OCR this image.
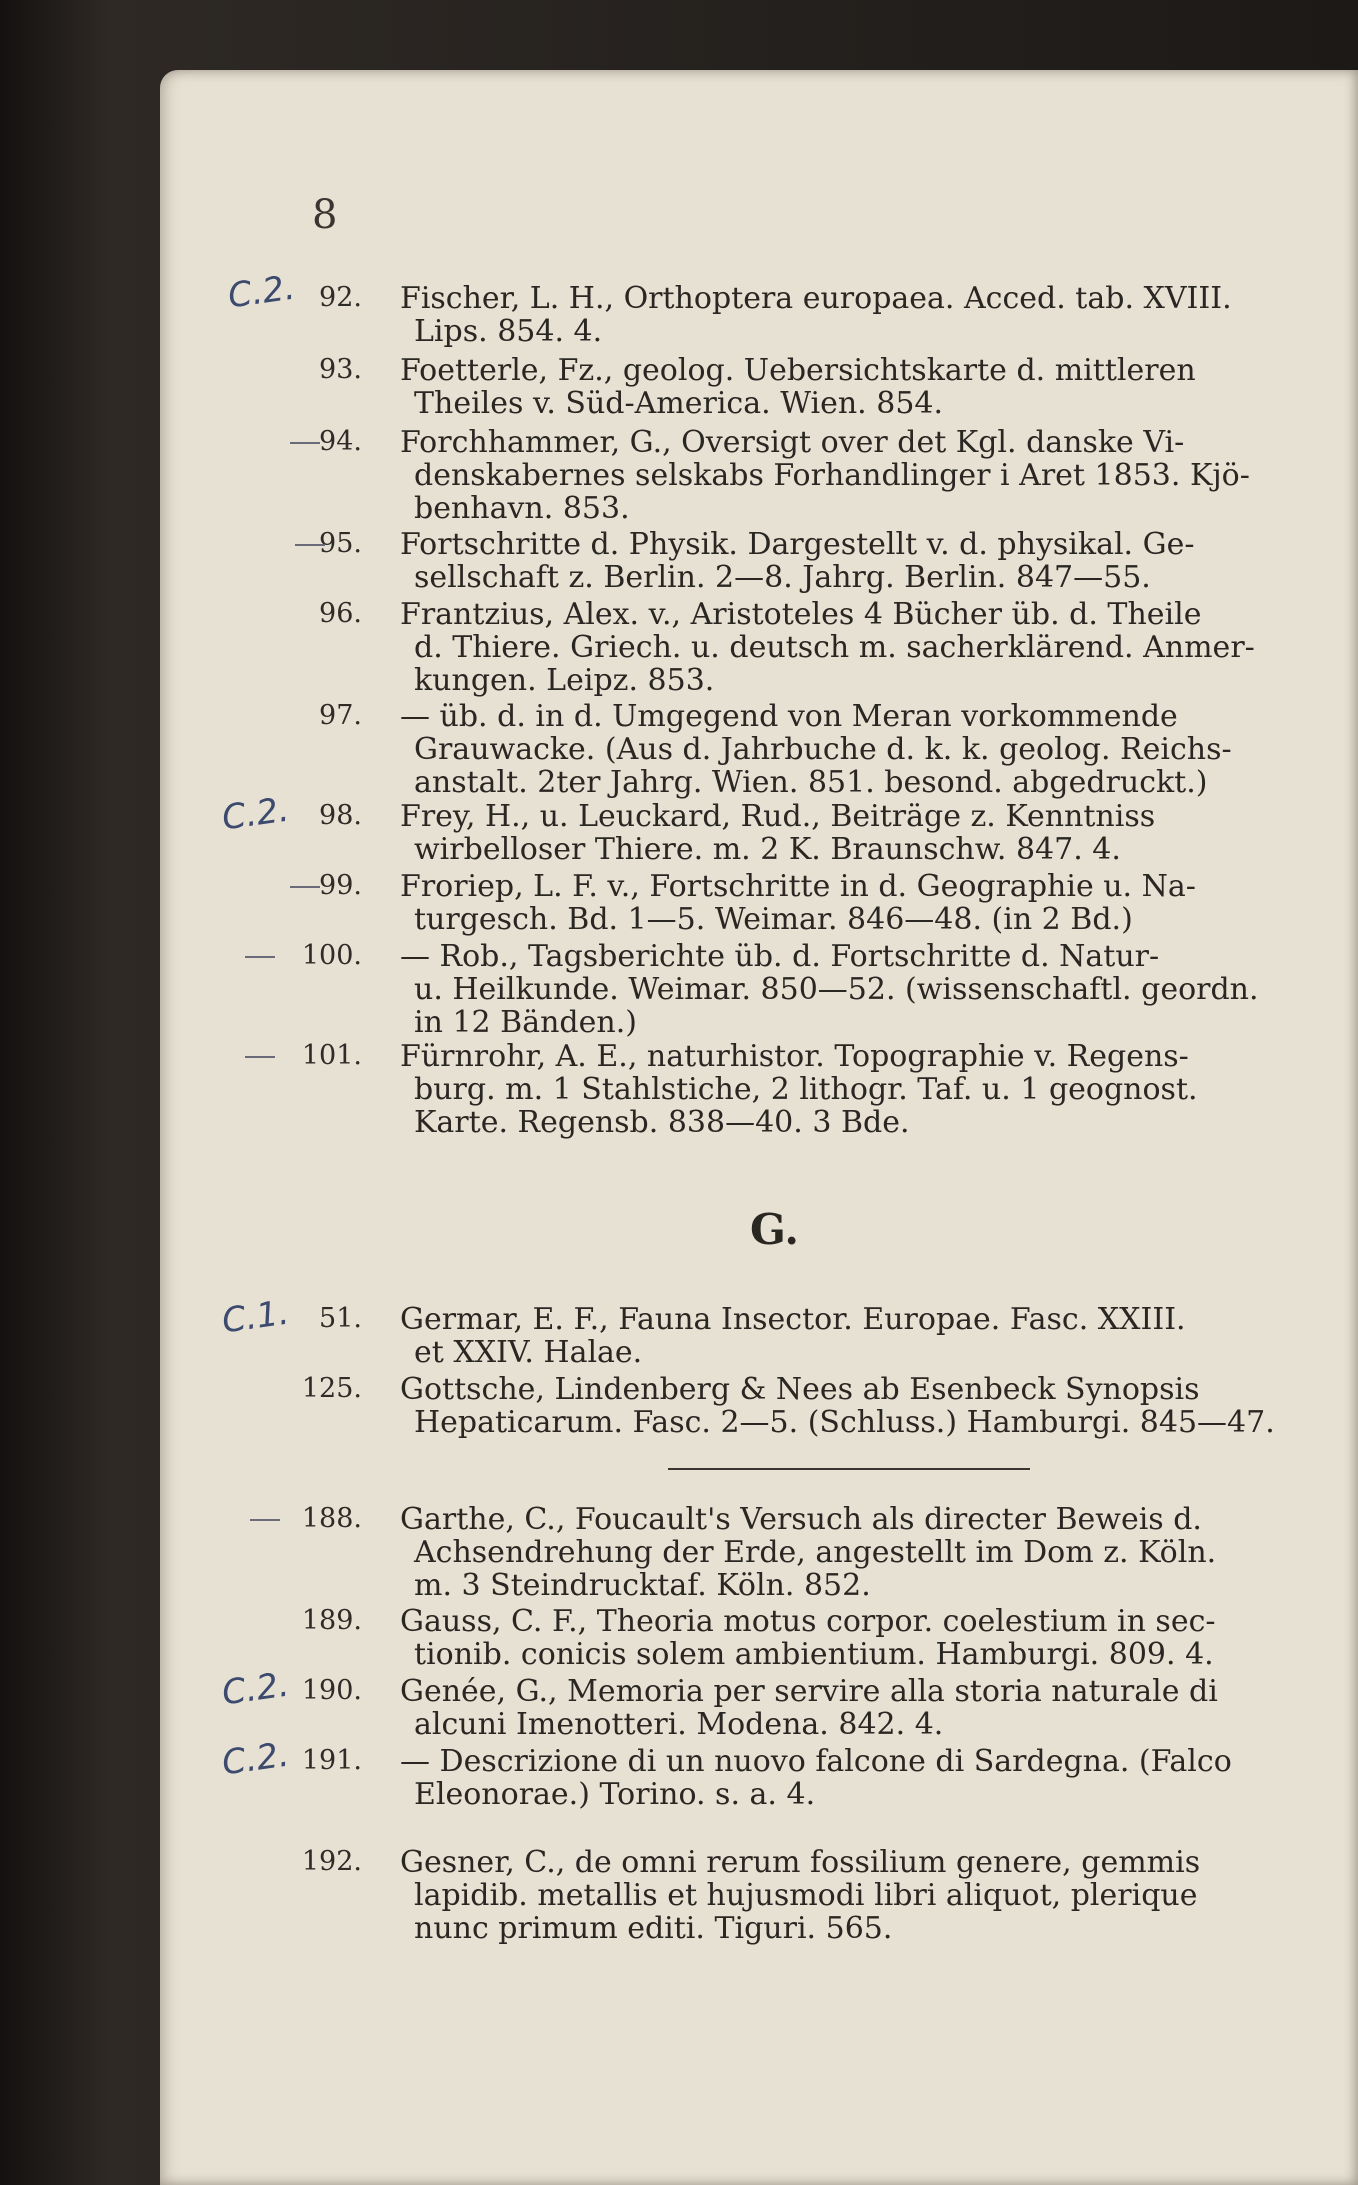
8
92. Fischer, L. H., Orthoptera europaea. Acced. tab. XVIII.
Lips. 854. 4.
C.2.
93. Foetterle, Fz., geolog. Uebersichtskarte d. mittleren
Theiles v. Süd-America. Wien. 854.
94. Forchhammer, G., Oversigt over det Kgl. danske Vi-
denskabernes selskabs Forhandlinger i Aret 1853. Kjö-
benhavn. 853.
95. Fortschritte d. Physik. Dargestellt v. d. physikal. Ge-
sellschaft z. Berlin. 2—8. Jahrg. Berlin. 847—55.
96. Frantzius, Alex. v., Aristoteles 4 Bücher üb. d. Theile
d. Thiere. Griech. u. deutsch m. sacherklärend. Anmer-
kungen. Leipz. 853.
97. — üb. d. in d. Umgegend von Meran vorkommende
Grauwacke. (Aus d. Jahrbuche d. k. k. geolog. Reichs-
anstalt. 2ter Jahrg. Wien. 851. besond. abgedruckt.)
98. Frey, H., u. Leuckard, Rud., Beiträge z. Kenntniss
wirbelloser Thiere. m. 2 K. Braunschw. 847. 4.
C.2.
99. Froriep, L. F. v., Fortschritte in d. Geographie u. Na-
turgesch. Bd. 1—5. Weimar. 846—48. (in 2 Bd.)
100. — Rob., Tagsberichte üb. d. Fortschritte d. Natur-
u. Heilkunde. Weimar. 850—52. (wissenschaftl. geordn.
in 12 Bänden.)
101. Fürnrohr, A. E., naturhistor. Topographie v. Regens-
burg. m. 1 Stahlstiche, 2 lithogr. Taf. u. 1 geognost.
Karte. Regensb. 838—40. 3 Bde.
G.
51. Germar, E. F., Fauna Insector. Europae. Fasc. XXIII.
et XXIV. Halae.
C.1.
125. Gottsche, Lindenberg & Nees ab Esenbeck Synopsis
Hepaticarum. Fasc. 2—5. (Schluss.) Hamburgi. 845—47.
188. Garthe, C., Foucault's Versuch als directer Beweis d.
Achsendrehung der Erde, angestellt im Dom z. Köln.
m. 3 Steindrucktaf. Köln. 852.
189. Gauss, C. F., Theoria motus corpor. coelestium in sec-
tionib. conicis solem ambientium. Hamburgi. 809. 4.
190. Genée, G., Memoria per servire alla storia naturale di
alcuni Imenotteri. Modena. 842. 4.
C.2.
191. — Descrizione di un nuovo falcone di Sardegna. (Falco
Eleonorae.) Torino. s. a. 4.
C.2.
192. Gesner, C., de omni rerum fossilium genere, gemmis
lapidib. metallis et hujusmodi libri aliquot, plerique
nunc primum editi. Tiguri. 565.
